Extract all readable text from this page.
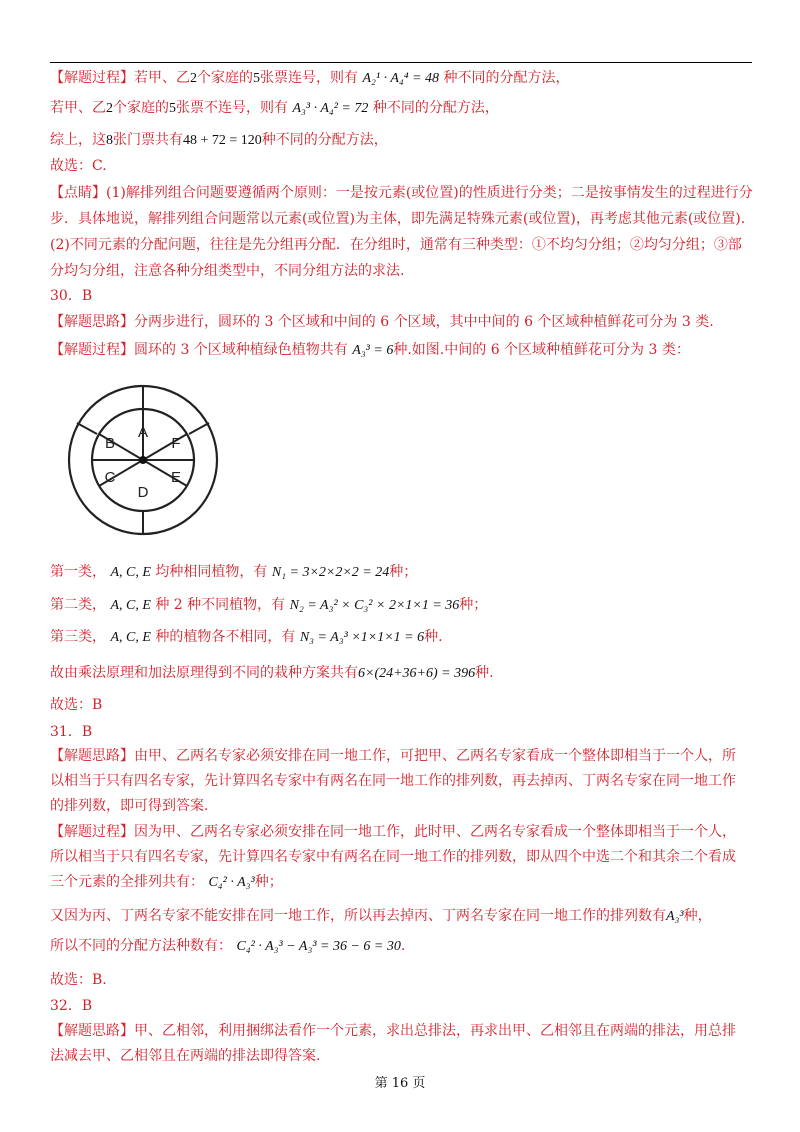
【解题过程】若甲、乙2个家庭的5张票连号，则有 A₂¹ · A₄⁴ = 48 种不同的分配方法，
若甲、乙2个家庭的5张票不连号，则有 A₃³ · A₄² = 72 种不同的分配方法，
综上，这8张门票共有48 + 72 = 120种不同的分配方法，
故选：C.
【点睛】(1)解排列组合问题要遵循两个原则：一是按元素(或位置)的性质进行分类；二是按事情发生的过程进行分
步．具体地说，解排列组合问题常以元素(或位置)为主体，即先满足特殊元素(或位置)，再考虑其他元素(或位置).
(2)不同元素的分配问题，往往是先分组再分配．在分组时，通常有三种类型：①不均匀分组；②均匀分组；③部
分均匀分组，注意各种分组类型中，不同分组方法的求法.
30．B
【解题思路】分两步进行，圆环的 3 个区域和中间的 6 个区域，其中中间的 6 个区域种植鲜花可分为 3 类.
【解题过程】圆环的 3 个区域种植绿色植物共有 A₃³ = 6种.如图.中间的 6 个区域种植鲜花可分为 3 类：
A
F
E
D
C
B
第一类， A, C, E 均种相同植物，有 N₁ = 3×2×2×2 = 24种；
第二类， A, C, E 种 2 种不同植物，有 N₂ = A₃² × C₃² × 2×1×1 = 36种；
第三类， A, C, E 种的植物各不相同，有 N₃ = A₃³ ×1×1×1 = 6种.
故由乘法原理和加法原理得到不同的栽种方案共有6×(24+36+6) = 396种.
故选：B
31．B
【解题思路】由甲、乙两名专家必须安排在同一地工作，可把甲、乙两名专家看成一个整体即相当于一个人，所
以相当于只有四名专家，先计算四名专家中有两名在同一地工作的排列数，再去掉丙、丁两名专家在同一地工作
的排列数，即可得到答案.
【解题过程】因为甲、乙两名专家必须安排在同一地工作，此时甲、乙两名专家看成一个整体即相当于一个人，
所以相当于只有四名专家，先计算四名专家中有两名在同一地工作的排列数，即从四个中选二个和其余二个看成
三个元素的全排列共有： C₄² · A₃³种；
又因为丙、丁两名专家不能安排在同一地工作，所以再去掉丙、丁两名专家在同一地工作的排列数有A₃³种，
所以不同的分配方法种数有： C₄² · A₃³ − A₃³ = 36 − 6 = 30.
故选：B.
32．B
【解题思路】甲、乙相邻，利用捆绑法看作一个元素，求出总排法，再求出甲、乙相邻且在两端的排法，用总排
法减去甲、乙相邻且在两端的排法即得答案.
第 16 页
